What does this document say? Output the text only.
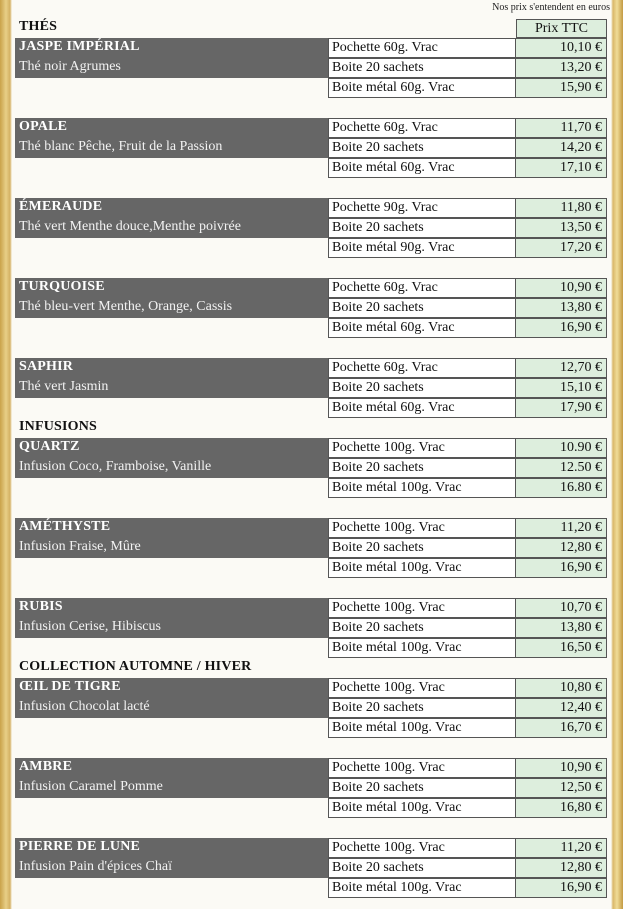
Nos prix s'entendent en euros
Prix TTC
THÉS
JASPE IMPÉRIAL
Thé noir Agrumes
Pochette 60g. Vrac	10,10 €
Boite 20 sachets	13,20 €
Boite métal 60g. Vrac	15,90 €
OPALE
Thé blanc Pêche, Fruit de la Passion
Pochette 60g. Vrac	11,70 €
Boite 20 sachets	14,20 €
Boite métal 60g. Vrac	17,10 €
ÉMERAUDE
Thé vert Menthe douce,Menthe poivrée
Pochette 90g. Vrac	11,80 €
Boite 20 sachets	13,50 €
Boite métal 90g. Vrac	17,20 €
TURQUOISE
Thé bleu-vert Menthe, Orange, Cassis
Pochette 60g. Vrac	10,90 €
Boite 20 sachets	13,80 €
Boite métal 60g. Vrac	16,90 €
SAPHIR
Thé vert Jasmin
Pochette 60g. Vrac	12,70 €
Boite 20 sachets	15,10 €
Boite métal 60g. Vrac	17,90 €
INFUSIONS
QUARTZ
Infusion Coco, Framboise, Vanille
Pochette 100g. Vrac	10.90 €
Boite 20 sachets	12.50 €
Boite métal 100g. Vrac	16.80 €
AMÉTHYSTE
Infusion Fraise, Mûre
Pochette 100g. Vrac	11,20 €
Boite 20 sachets	12,80 €
Boite métal 100g. Vrac	16,90 €
RUBIS
Infusion Cerise, Hibiscus
Pochette 100g. Vrac	10,70 €
Boite 20 sachets	13,80 €
Boite métal 100g. Vrac	16,50 €
COLLECTION AUTOMNE / HIVER
ŒIL DE TIGRE
Infusion Chocolat lacté
Pochette 100g. Vrac	10,80 €
Boite 20 sachets	12,40 €
Boite métal 100g. Vrac	16,70 €
AMBRE
Infusion Caramel Pomme
Pochette 100g. Vrac	10,90 €
Boite 20 sachets	12,50 €
Boite métal 100g. Vrac	16,80 €
PIERRE DE LUNE
Infusion Pain d'épices Chaï
Pochette 100g. Vrac	11,20 €
Boite 20 sachets	12,80 €
Boite métal 100g. Vrac	16,90 €
